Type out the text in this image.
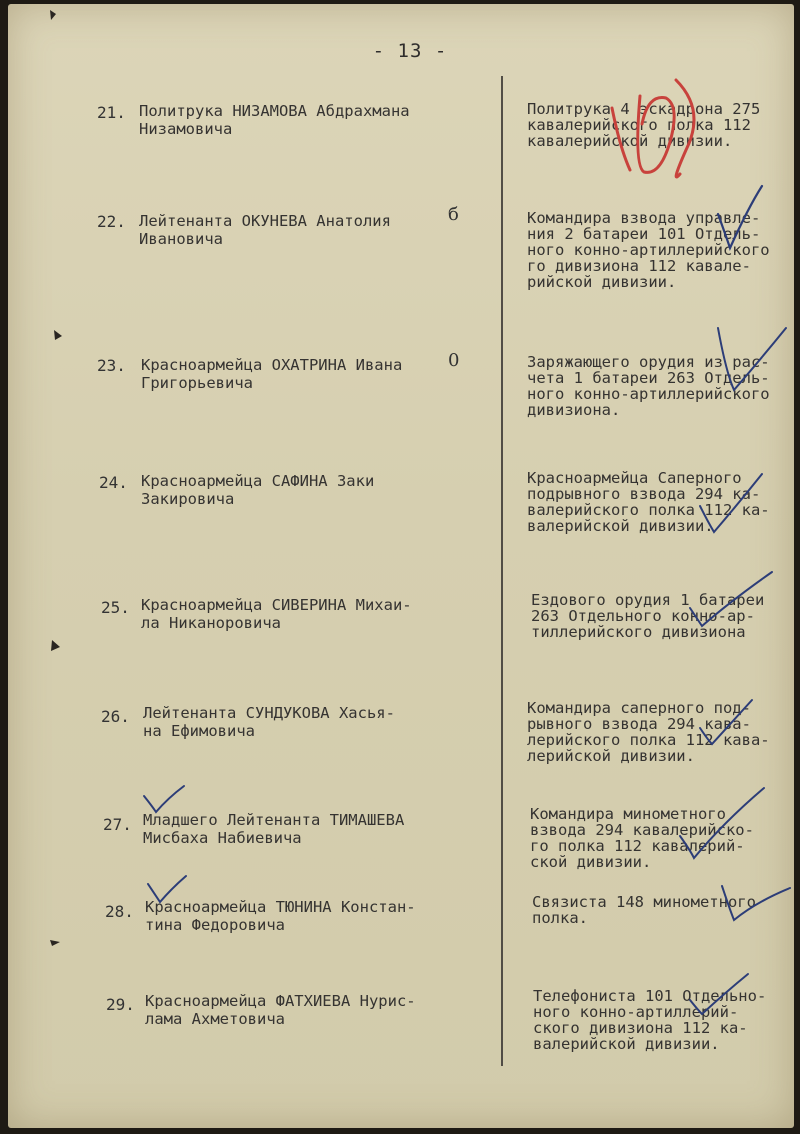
- 13 -
21. Политрука НИЗАМОВА Абдрахмана
Низамовича
Политрука 4 эскадрона 275
кавалерийского полка 112
кавалерийской дивизии.
22. Лейтенанта ОКУНЕВА Анатолия
Ивановича
б	Командира взвода управле-
ния 2 батареи 101 Отдель-
ного конно-артиллерийского
го дивизиона 112 кавале-
рийской дивизии.
23. Красноармейца ОХАТРИНА Ивана
Григорьевича
0	Заряжающего орудия из рас-
чета 1 батареи 263 Отдель-
ного конно-артиллерийского
дивизиона.
24. Красноармейца САФИНА Заки
Закировича
Красноармейца Саперного
подрывного взвода 294 ка-
валерийского полка 112 ка-
валерийской дивизии.
25. Красноармейца СИВЕРИНА Михаи-
ла Никаноровича
Ездового орудия 1 батареи
263 Отдельного конно-ар-
тиллерийского дивизиона
26. Лейтенанта СУНДУКОВА Хасья-
на Ефимовича
Командира саперного под-
рывного взвода 294 кава-
лерийского полка 112 кава-
лерийской дивизии.
27. Младшего Лейтенанта ТИМАШЕВА
Мисбаха Набиевича
Командира минометного
взвода 294 кавалерийско-
го полка 112 кавалерий-
ской дивизии.
28. Красноармейца ТЮНИНА Констан-
тина Федоровича
Связиста 148 минометного
полка.
29. Красноармейца ФАТХИЕВА Нурис-
лама Ахметовича
Телефониста 101 Отдельно-
ного конно-артиллерий-
ского дивизиона 112 ка-
валерийской дивизии.
